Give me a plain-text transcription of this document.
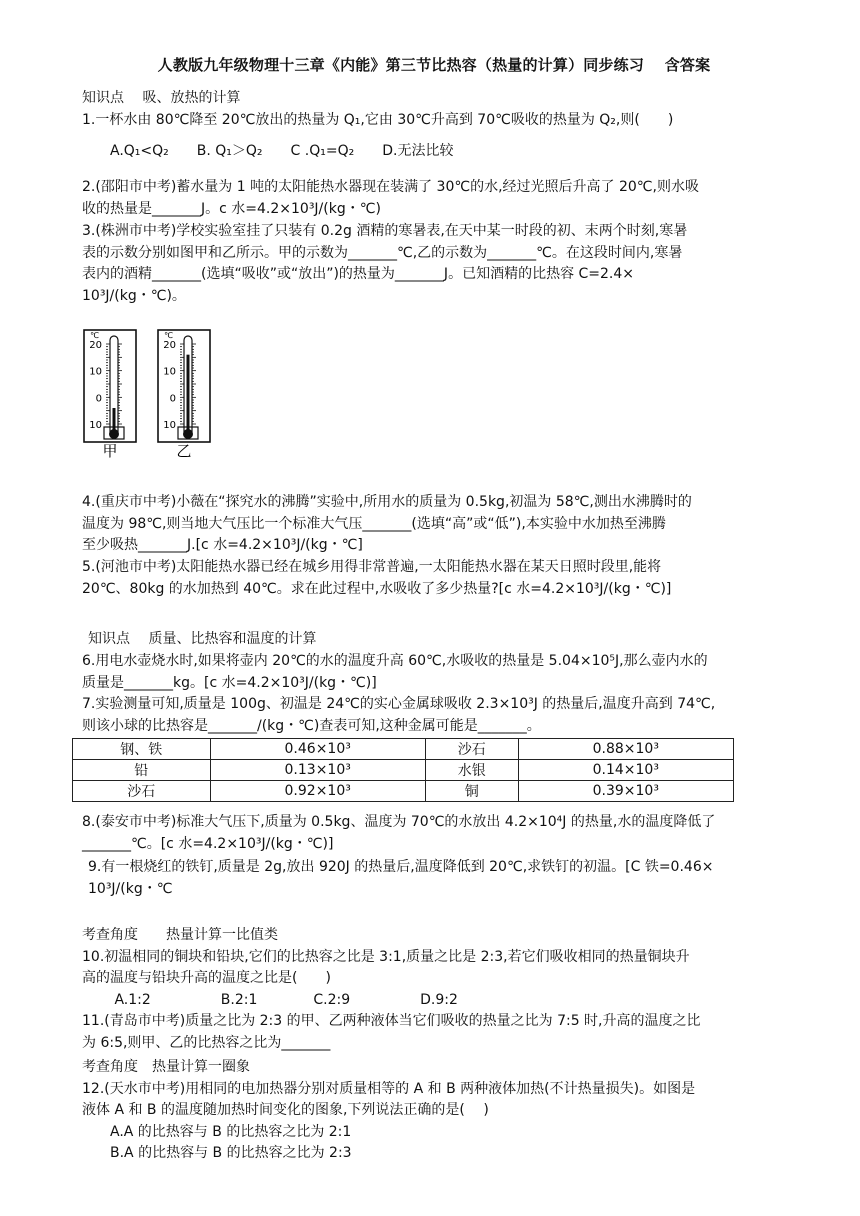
人教版九年级物理十三章《内能》第三节比热容（热量的计算）同步练习　 含答案
知识点　 吸、放热的计算
1.一杯水由 80℃降至 20℃放出的热量为 Q₁,它由 30℃升高到 70℃吸收的热量为 Q₂,则(　　)
　　A.Q₁<Q₂　　B. Q₁＞Q₂　　C .Q₁=Q₂　　D.无法比较
2.(邵阳市中考)蓄水量为 1 吨的太阳能热水器现在装满了 30℃的水,经过光照后升高了 20℃,则水吸
收的热量是_______J。c 水=4.2×10³J/(kg・℃)
3.(株洲市中考)学校实验室挂了只装有 0.2g 酒精的寒暑表,在天中某一时段的初、末两个时刻,寒暑
表的示数分别如图甲和乙所示。甲的示数为_______℃,乙的示数为_______℃。在这段时间内,寒暑
表内的酒精_______(选填“吸收”或“放出”)的热量为_______J。已知酒精的比热容 C=2.4×
10³J/(kg・℃)。
℃
20
10
0
10
℃
20
10
0
10
甲	乙
4.(重庆市中考)小薇在“探究水的沸腾”实验中,所用水的质量为 0.5kg,初温为 58℃,测出水沸腾时的
温度为 98℃,则当地大气压比一个标准大气压_______(选填“高”或“低”),本实验中水加热至沸腾
至少吸热_______J.[c 水=4.2×10³J/(kg・℃]
5.(河池市中考)太阳能热水器已经在城乡用得非常普遍,一太阳能热水器在某天日照时段里,能将
20℃、80kg 的水加热到 40℃。求在此过程中,水吸收了多少热量?[c 水=4.2×10³J/(kg・℃)]
知识点　 质量、比热容和温度的计算
6.用电水壶烧水时,如果将壶内 20℃的水的温度升高 60℃,水吸收的热量是 5.04×10⁵J,那么壶内水的
质量是_______kg。[c 水=4.2×10³J/(kg・℃)]
7.实验测量可知,质量是 100g、初温是 24℃的实心金属球吸收 2.3×10³J 的热量后,温度升高到 74℃,
则该小球的比热容是_______/(kg・℃)查表可知,这种金属可能是_______。
钢、铁	0.46×10³	沙石	0.88×10³
铅	0.13×10³	水银	0.14×10³
沙石	0.92×10³	铜	0.39×10³
8.(泰安市中考)标准大气压下,质量为 0.5kg、温度为 70℃的水放出 4.2×10⁴J 的热量,水的温度降低了
_______℃。[c 水=4.2×10³J/(kg・℃)]
9.有一根烧红的铁钉,质量是 2g,放出 920J 的热量后,温度降低到 20℃,求铁钉的初温。[C 铁=0.46×
10³J/(kg・℃
考查角度　　热量计算一比值类
10.初温相同的铜块和铅块,它们的比热容之比是 3:1,质量之比是 2:3,若它们吸收相同的热量铜块升
高的温度与铅块升高的温度之比是(　　)
　　 A.1:2　　　　　B.2:1　　　　C.2:9　　　　　D.9:2
11.(青岛市中考)质量之比为 2:3 的甲、乙两种液体当它们吸收的热量之比为 7:5 时,升高的温度之比
为 6:5,则甲、乙的比热容之比为_______
考查角度　热量计算一圈象
12.(天水市中考)用相同的电加热器分别对质量相等的 A 和 B 两种液体加热(不计热量损失)。如图是
液体 A 和 B 的温度随加热时间变化的图象,下列说法正确的是(　 )
　　A.A 的比热容与 B 的比热容之比为 2:1
　　B.A 的比热容与 B 的比热容之比为 2:3
